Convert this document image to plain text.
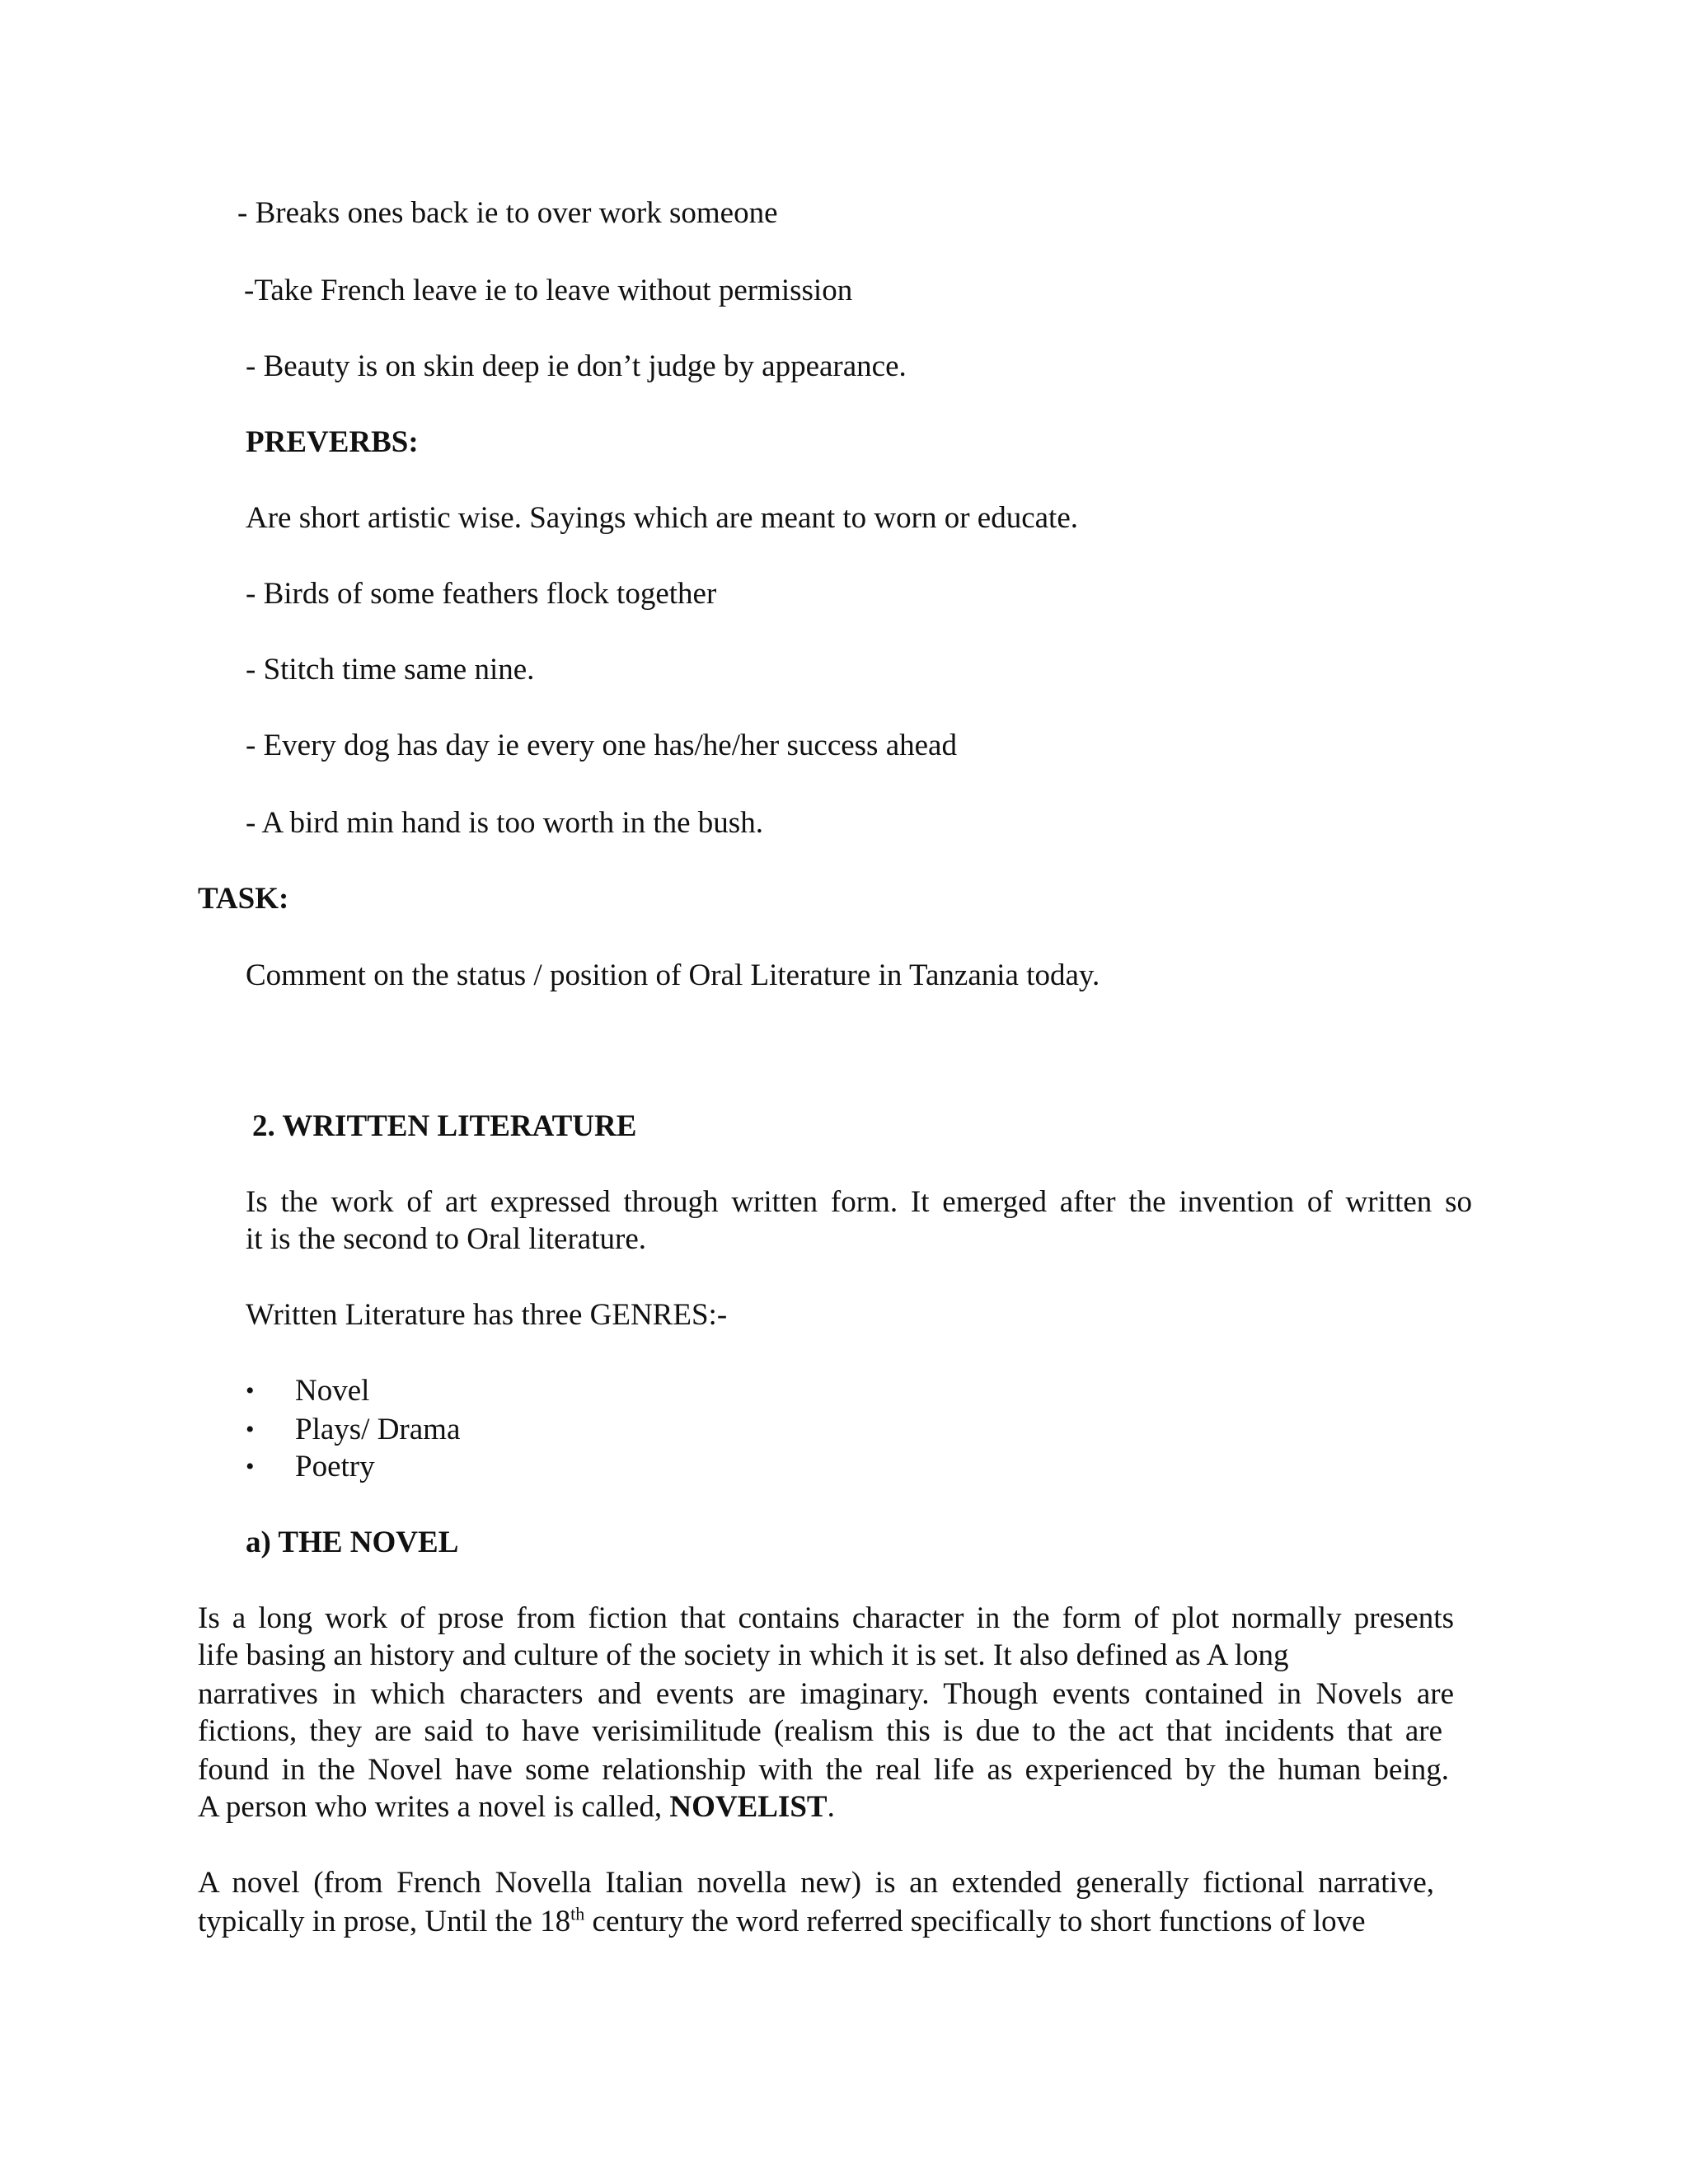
- Breaks ones back ie to over work someone
-Take French leave ie to leave without permission
- Beauty is on skin deep ie don’t judge by appearance.
PREVERBS:
Are short artistic wise. Sayings which are meant to worn or educate.
- Birds of some feathers flock together
- Stitch time same nine.
- Every dog has day ie every one has/he/her success ahead
- A bird min hand is too worth in the bush.
TASK:
Comment on the status / position of Oral Literature in Tanzania today.
2. WRITTEN LITERATURE
Is the work of art expressed through written form. It emerged after the invention of written so
it is the second to Oral literature.
Written Literature has three GENRES:-
• Novel
• Plays/ Drama
• Poetry
a) THE NOVEL
Is a long work of prose from fiction that contains character in the form of plot normally presents
life basing an history and culture of the society in which it is set. It also defined as A long
narratives in which characters and events are imaginary. Though events contained in Novels are
fictions, they are said to have verisimilitude (realism this is due to the act that incidents that are
found in the Novel have some relationship with the real life as experienced by the human being.
A person who writes a novel is called, NOVELIST.
A novel (from French Novella Italian novella new) is an extended generally fictional narrative,
typically in prose, Until the 18th century the word referred specifically to short functions of love
